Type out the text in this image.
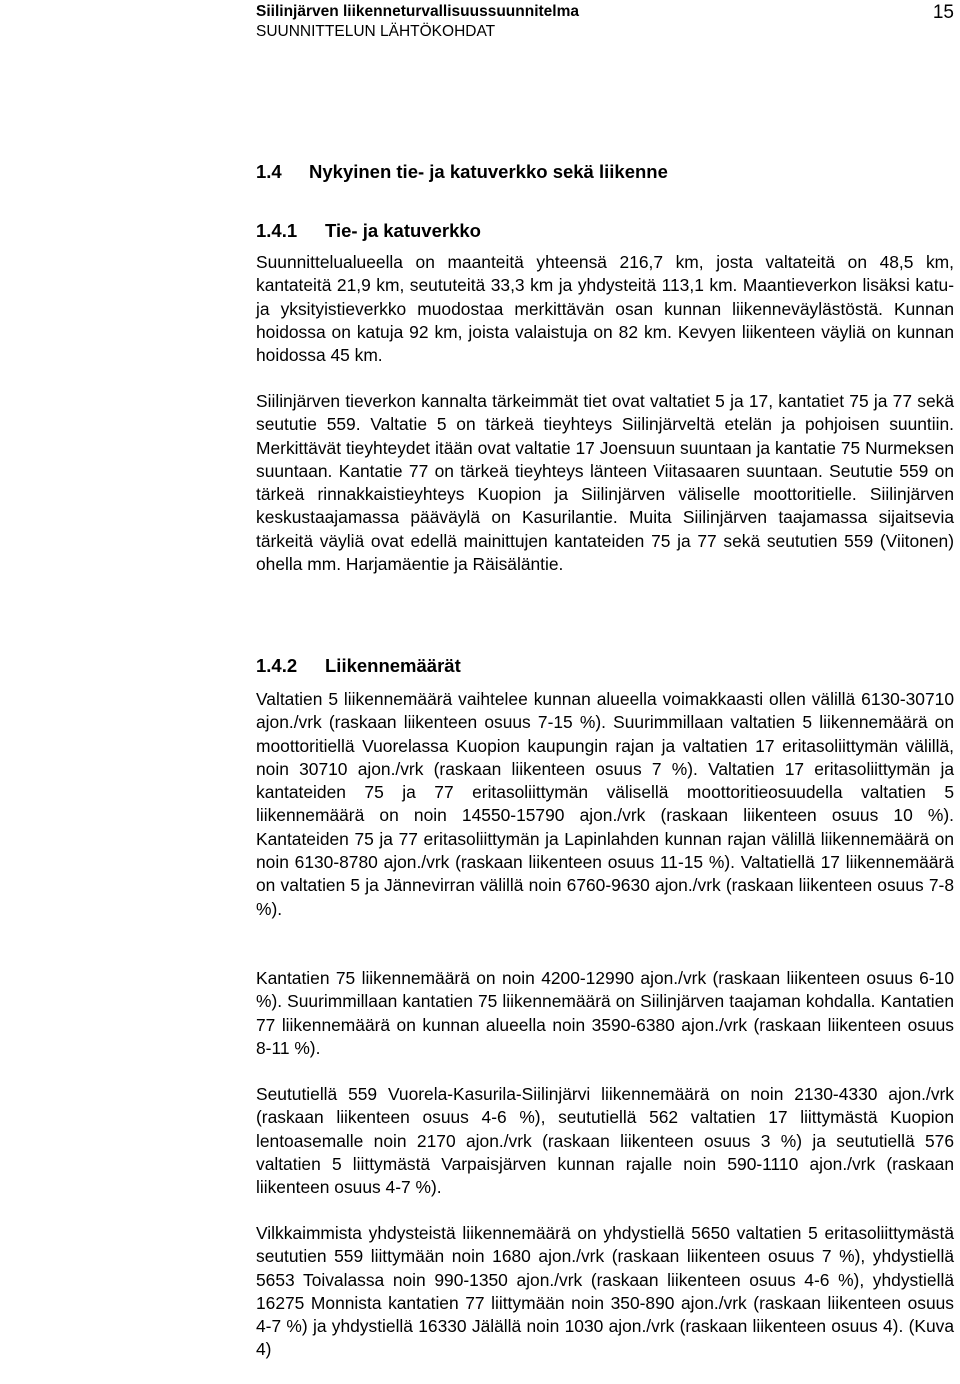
Siilinjärven liikenneturvallisuussuunnitelma
SUUNNITTELUN LÄHTÖKOHDAT
15
1.4 Nykyinen tie- ja katuverkko sekä liikenne
1.4.1 Tie- ja katuverkko

Suunnittelualueella on maanteitä yhteensä 216,7 km, josta valtateitä on 48,5 km, kantateitä 21,9 km, seututeitä 33,3 km ja yhdysteitä 113,1 km. Maantieverkon lisäksi katu- ja yksityistieverkko muodostaa merkittävän osan kunnan liikenneväylästöstä. Kunnan hoidossa on katuja 92 km, joista valaistuja on 82 km. Kevyen liikenteen väyliä on kunnan hoidossa 45 km.

Siilinjärven tieverkon kannalta tärkeimmät tiet ovat valtatiet 5 ja 17, kantatiet 75 ja 77 sekä seututie 559. Valtatie 5 on tärkeä tieyhteys Siilinjärveltä etelän ja pohjoisen suuntiin. Merkittävät tieyhteydet itään ovat valtatie 17 Joensuun suuntaan ja kantatie 75 Nurmeksen suuntaan. Kantatie 77 on tärkeä tieyhteys länteen Viitasaaren suuntaan. Seututie 559 on tärkeä rinnakkaistieyhteys Kuopion ja Siilinjärven väliselle moottoritielle. Siilinjärven keskustaajamassa pääväylä on Kasurilantie. Muita Siilinjärven taajamassa sijaitsevia tärkeitä väyliä ovat edellä mainittujen kantateiden 75 ja 77 sekä seututien 559 (Viitonen) ohella mm. Harjamäentie ja Räisäläntie.

1.4.2 Liikennemäärät

Valtatien 5 liikennemäärä vaihtelee kunnan alueella voimakkaasti ollen välillä 6130-30710 ajon./vrk (raskaan liikenteen osuus 7-15 %). Suurimmillaan valtatien 5 liikennemäärä on moottoritiellä Vuorelassa Kuopion kaupungin rajan ja valtatien 17 eritasoliittymän välillä, noin 30710 ajon./vrk (raskaan liikenteen osuus 7 %). Valtatien 17 eritasoliittymän ja kantateiden 75 ja 77 eritasoliittymän välisellä moottoritieosuudella valtatien 5 liikennemäärä on noin 14550-15790 ajon./vrk (raskaan liikenteen osuus 10 %). Kantateiden 75 ja 77 eritasoliittymän ja Lapinlahden kunnan rajan välillä liikennemäärä on noin 6130-8780 ajon./vrk (raskaan liikenteen osuus 11-15 %). Valtatiellä 17 liikennemäärä on valtatien 5 ja Jännevirran välillä noin 6760-9630 ajon./vrk (raskaan liikenteen osuus 7-8 %).

Kantatien 75 liikennemäärä on noin 4200-12990 ajon./vrk (raskaan liikenteen osuus 6-10 %). Suurimmillaan kantatien 75 liikennemäärä on Siilinjärven taajaman kohdalla. Kantatien 77 liikennemäärä on kunnan alueella noin 3590-6380 ajon./vrk (raskaan liikenteen osuus 8-11 %).

Seututiellä 559 Vuorela-Kasurila-Siilinjärvi liikennemäärä on noin 2130-4330 ajon./vrk (raskaan liikenteen osuus 4-6 %), seututiellä 562 valtatien 17 liittymästä Kuopion lentoasemalle noin 2170 ajon./vrk (raskaan liikenteen osuus 3 %) ja seututiellä 576 valtatien 5 liittymästä Varpaisjärven kunnan rajalle noin 590-1110 ajon./vrk (raskaan liikenteen osuus 4-7 %).

Vilkkaimmista yhdysteistä liikennemäärä on yhdystiellä 5650 valtatien 5 eritasoliittymästä seututien 559 liittymään noin 1680 ajon./vrk (raskaan liikenteen osuus 7 %), yhdystiellä 5653 Toivalassa noin 990-1350 ajon./vrk (raskaan liikenteen osuus 4-6 %), yhdystiellä 16275 Monnista kantatien 77 liittymään noin 350-890 ajon./vrk (raskaan liikenteen osuus 4-7 %) ja yhdystiellä 16330 Jälällä noin 1030 ajon./vrk (raskaan liikenteen osuus 4). (Kuva 4)
